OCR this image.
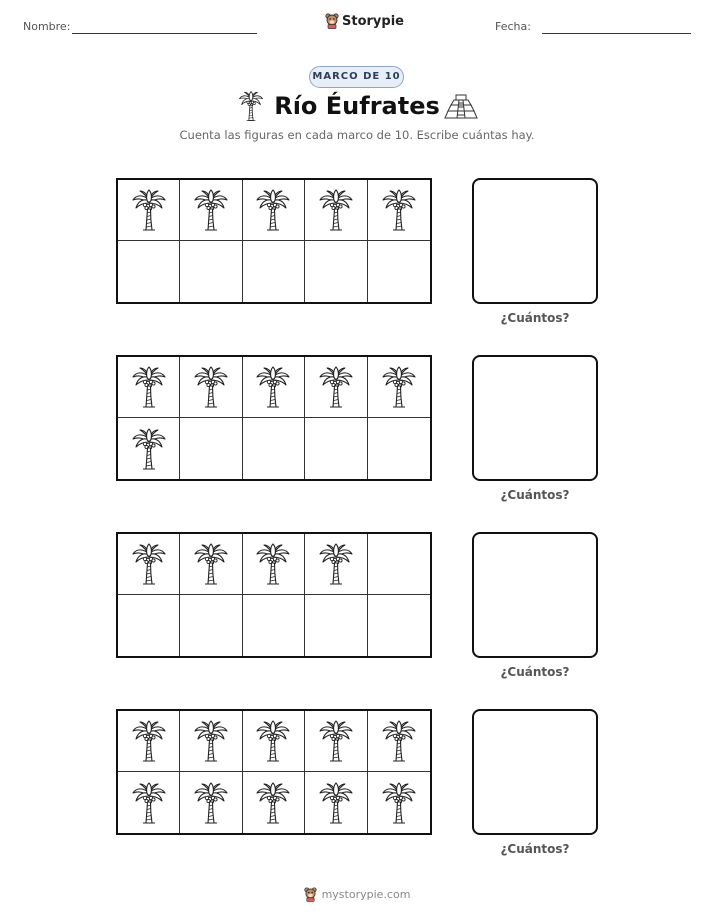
Nombre:	Storypie	Fecha:
MARCO DE 10
Río Éufrates
Cuenta las figuras en cada marco de 10. Escribe cuántas hay.
¿Cuántos?
¿Cuántos?
¿Cuántos?
¿Cuántos?
mystorypie.com
